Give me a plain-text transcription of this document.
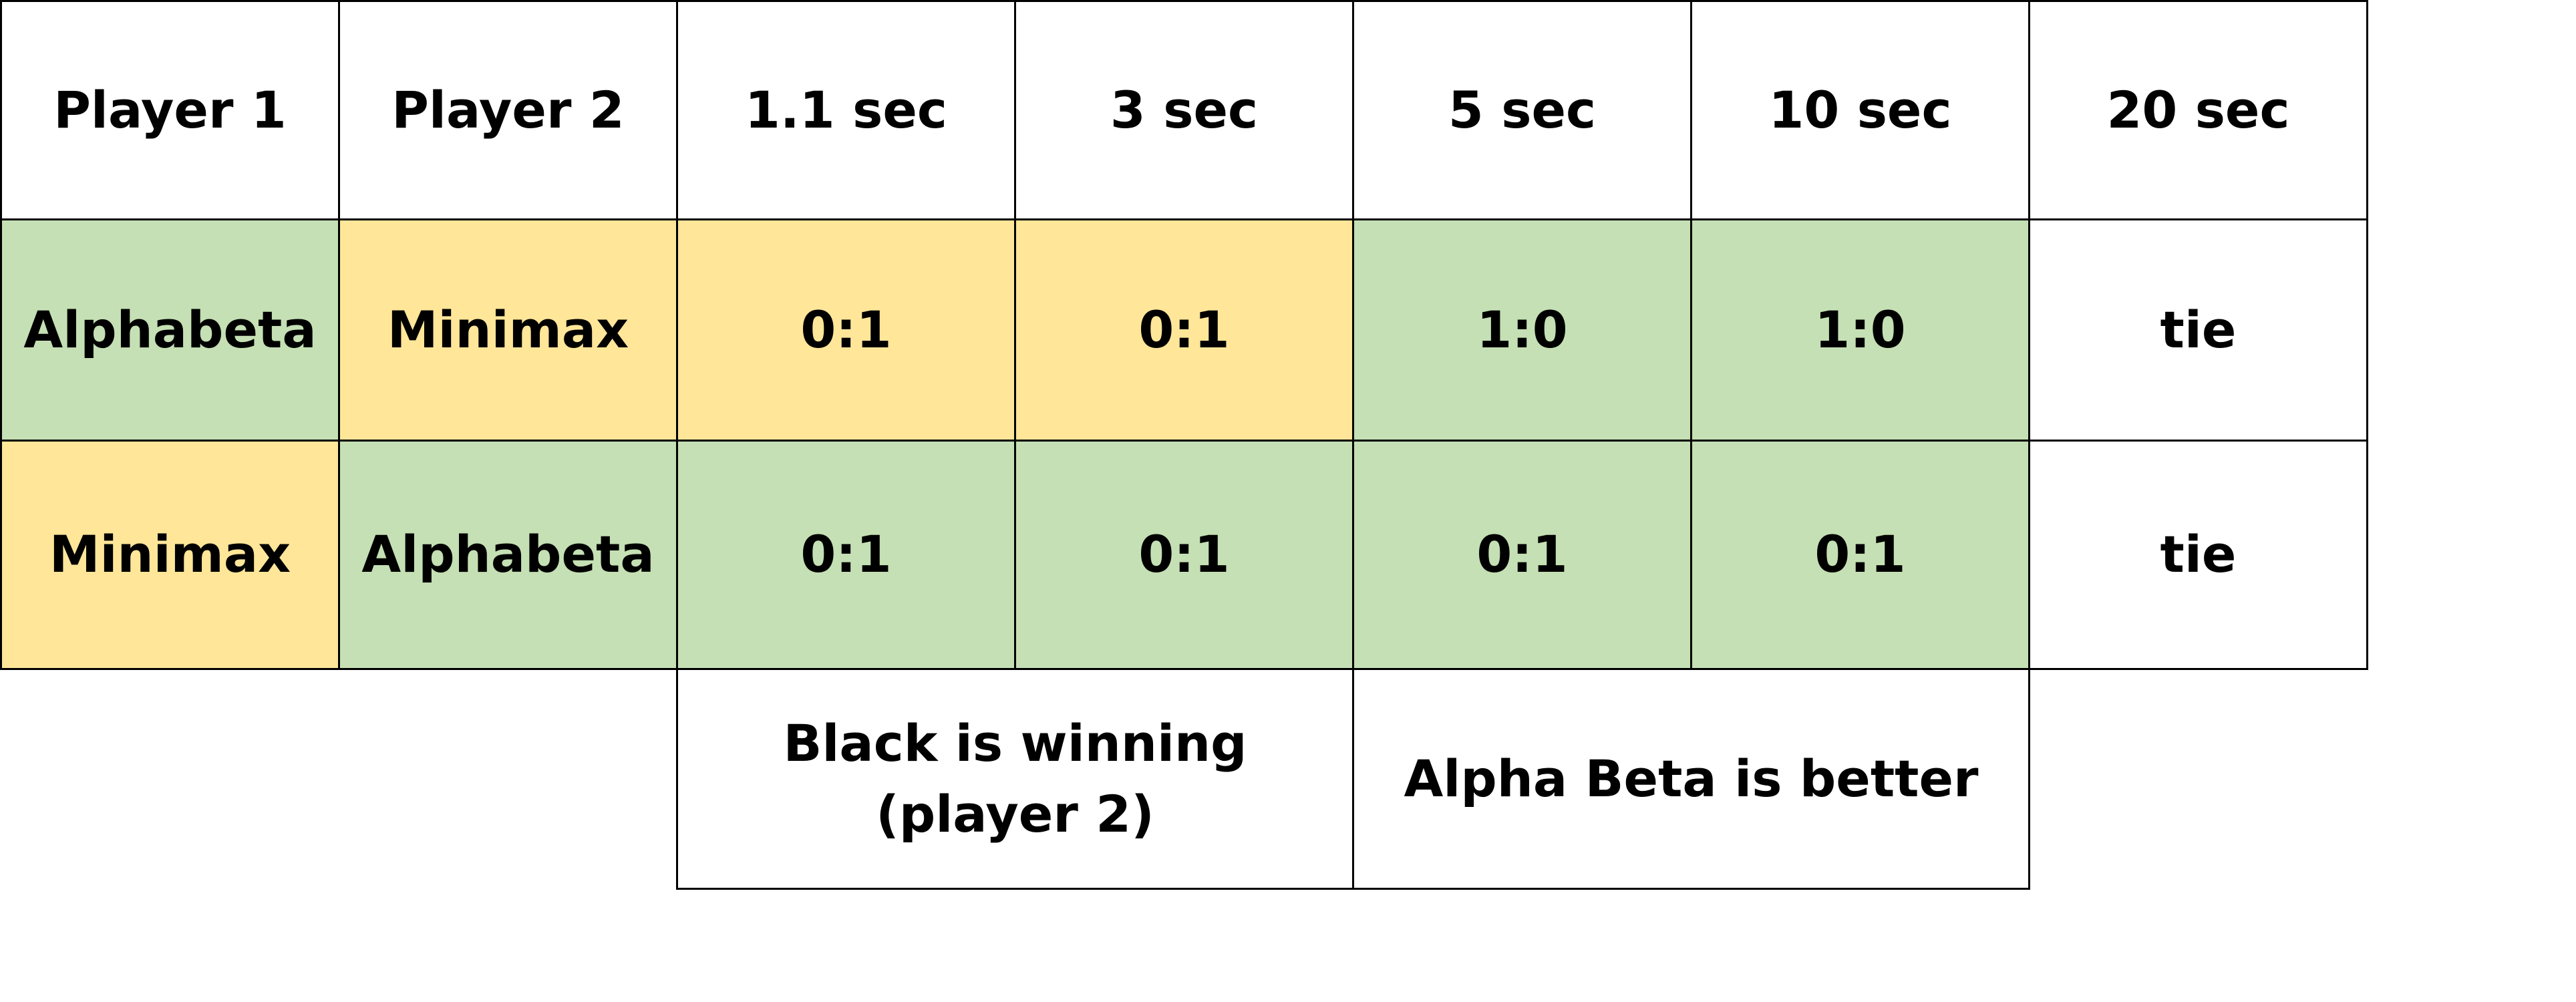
Player 1	Player 2	1.1 sec	3 sec	5 sec	10 sec	20 sec
Alphabeta	Minimax	0:1	0:1	1:0	1:0	tie
Minimax	Alphabeta	0:1	0:1	0:1	0:1	tie
Black is winning
(player 2)
Alpha Beta is better
